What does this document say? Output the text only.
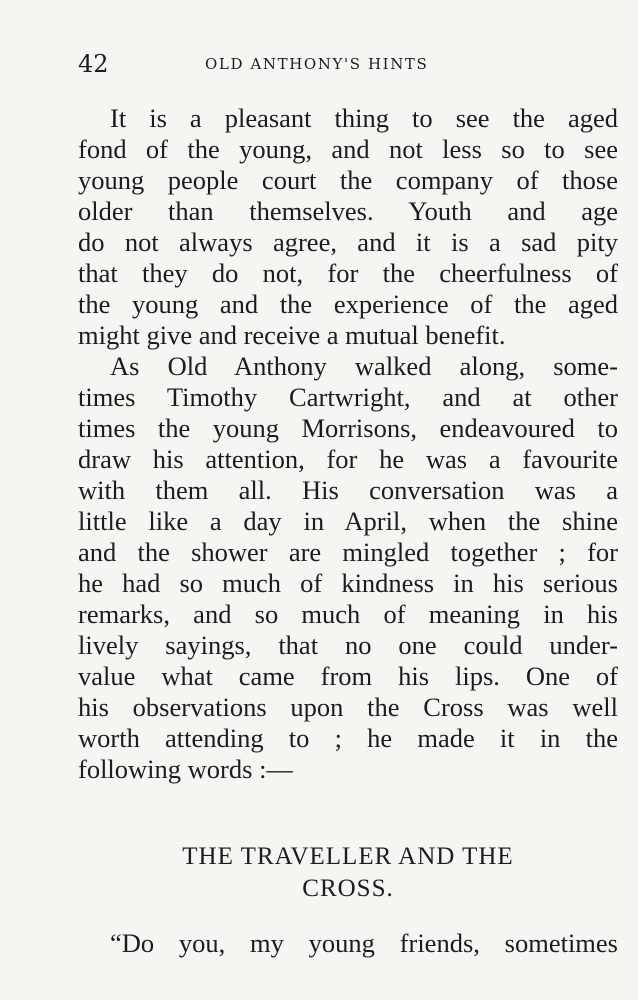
42	OLD ANTHONY'S HINTS
It is a pleasant thing to see the aged
fond of the young, and not less so to see
young people court the company of those
older than themselves. Youth and age
do not always agree, and it is a sad pity
that they do not, for the cheerfulness of
the young and the experience of the aged
might give and receive a mutual benefit.
As Old Anthony walked along, some-
times Timothy Cartwright, and at other
times the young Morrisons, endeavoured to
draw his attention, for he was a favourite
with them all. His conversation was a
little like a day in April, when the shine
and the shower are mingled together ; for
he had so much of kindness in his serious
remarks, and so much of meaning in his
lively sayings, that no one could under-
value what came from his lips. One of
his observations upon the Cross was well
worth attending to ; he made it in the
following words :—
THE TRAVELLER AND THE
CROSS.
“Do you, my young friends, sometimes
